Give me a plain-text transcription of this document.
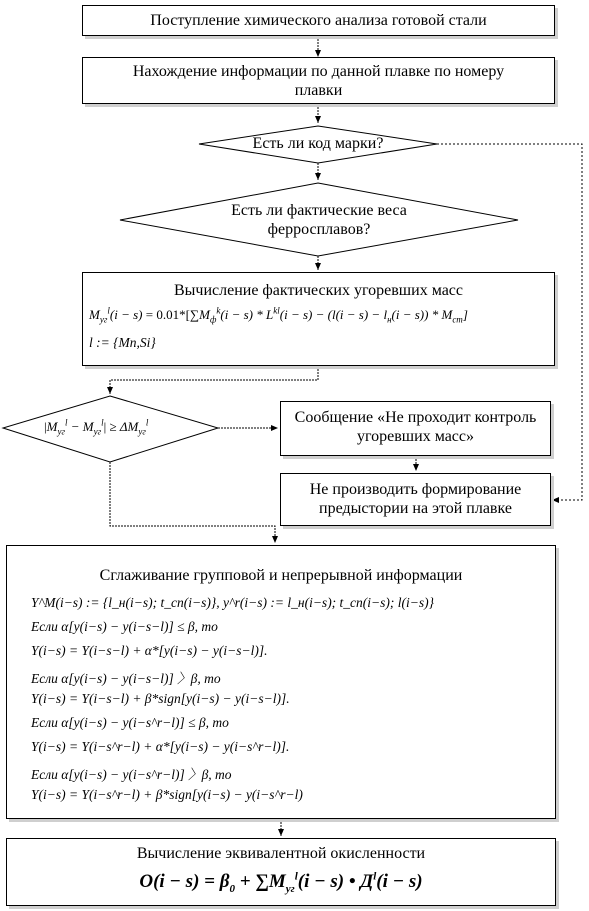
Поступление химического анализа готовой стали
Нахождение информации по данной плавке по номеру плавки
Есть ли код марки?
Есть ли фактические веса ферросплавов?
Вычисление фактических угоревших масс
$M_{уг}^l(i - s) = 0.01*[\sum M_ф^k(i - s) * L^{kl}(i - s) - (l(i - s) - l_н(i - s)) * M_{ст}]$
l := {Mn,Si}
$|M_{уг}^l - M_{уг}^l| \ge \Delta M_{уг}^l$	Сообщение «Не проходит контроль угоревших масс»
Не производить формирование предыстории на этой плавке
Сглаживание групповой и непрерывной информации
Y^M(i−s) := {l_н(i−s); t_сп(i−s)}, y^r(i−s) := l_н(i−s); t_сп(i−s); l(i−s)}
Если α[y(i−s) − y(i−s−l)] ≤ β, то
Y(i−s) = Y(i−s−l) + α*[y(i−s) − y(i−s−l)].
Если α[y(i−s) − y(i−s−l)] 〉β, то
Y(i−s) = Y(i−s−l) + β*sign[y(i−s) − y(i−s−l)].
Если α[y(i−s) − y(i−s^r−l)] ≤ β, то
Y(i−s) = Y(i−s^r−l) + α*[y(i−s) − y(i−s^r−l)].
Если α[y(i−s) − y(i−s^r−l)] 〉β, то
Y(i−s) = Y(i−s^r−l) + β*sign[y(i−s) − y(i−s^r−l)
Вычисление эквивалентной окисленности
$O(i - s) = \beta_0 + \sum M_{уг}^l(i - s)$ • $Д^l(i - s)$
